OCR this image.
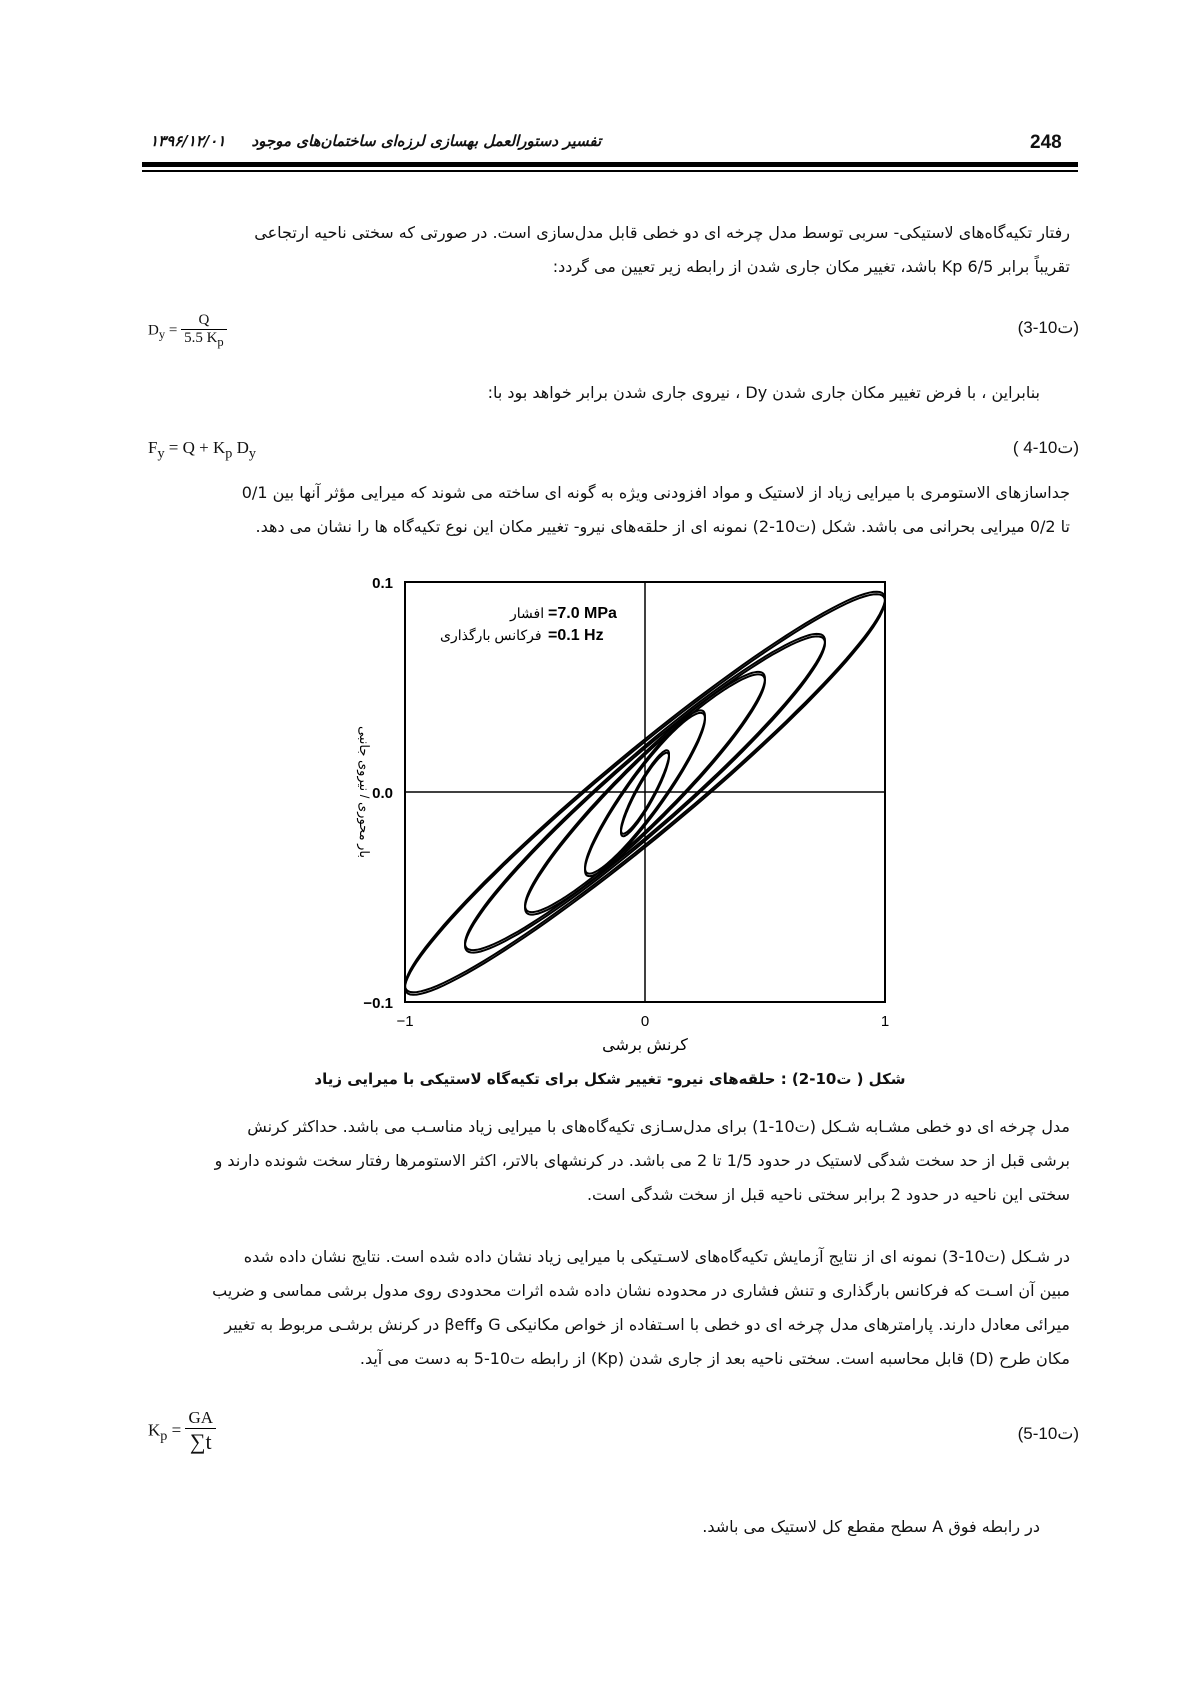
248
تفسیر دستورالعمل بهسازی لرزه‌ای ساختمان‌های موجود     ۱۳۹۶/۱۲/۰۱
رفتار تکیه‌گاه‌های لاستیکی- سربی توسط مدل چرخه ای دو خطی قابل مدل‌سازی است. در صورتی که سختی ناحیه ارتجاعی
تقریباً برابر 6/5 Kp باشد، تغییر مکان جاری شدن از رابطه زیر تعیین می گردد:
$D_y = \frac{Q}{5.5 K_p}$	(ت10-3)
بنابراین ، با فرض تغییر مکان جاری شدن Dy ، نیروی جاری شدن برابر خواهد بود با:
$F_y = Q + K_p$ $D_y$	( ت10-4)
جداسازهای الاستومری با میرایی زیاد از لاستیک و مواد افزودنی ویژه به گونه ای ساخته می شوند که میرایی مؤثر آنها بین 0/1
تا 0/2 میرایی بحرانی می باشد. شکل (ت10-2) نمونه ای از حلقه‌های نیرو- تغییر مکان این نوع تکیه‌گاه ها را نشان می دهد.
−1	0	1
0.1
0.0
−0.1
افشار =7.0 MPa
فرکانس بارگذاری =0.1 Hz
کرنش برشی
بار محوری / نیروی جانبی
شکل ( ت10-2) : حلقه‌های نیرو- تغییر شکل برای تکیه‌گاه لاستیکی با میرایی زیاد
مدل چرخه ای دو خطی مشـابه شـکل (ت10-1) برای مدل‌سـازی تکیه‌گاه‌های با میرایی زیاد مناسـب می باشد. حداکثر کرنش
برشی قبل از حد سخت شدگی لاستیک در حدود 1/5 تا 2 می باشد. در کرنشهای بالاتر، اکثر الاستومرها رفتار سخت شونده دارند و
سختی این ناحیه در حدود 2 برابر سختی ناحیه قبل از سخت شدگی است.
در شـکل (ت10-3) نمونه ای از نتایج آزمایش تکیه‌گاه‌های لاسـتیکی با میرایی زیاد نشان داده شده است. نتایج نشان داده شده
مبین آن اسـت که فرکانس بارگذاری و تنش فشاری در محدوده نشان داده شده اثرات محدودی روی مدول برشی مماسی و ضریب
میرائی معادل دارند. پارامترهای مدل چرخه ای دو خطی با اسـتفاده از خواص مکانیکی G وβeff در کرنش برشـی مربوط به تغییر
مکان طرح (D) قابل محاسبه است. سختی ناحیه بعد از جاری شدن (Kp) از رابطه ت10-5 به دست می آید.
$K_p = \frac{GA}{\sum t}$	(ت10-5)
در رابطه فوق A سطح مقطع کل لاستیک می باشد.
